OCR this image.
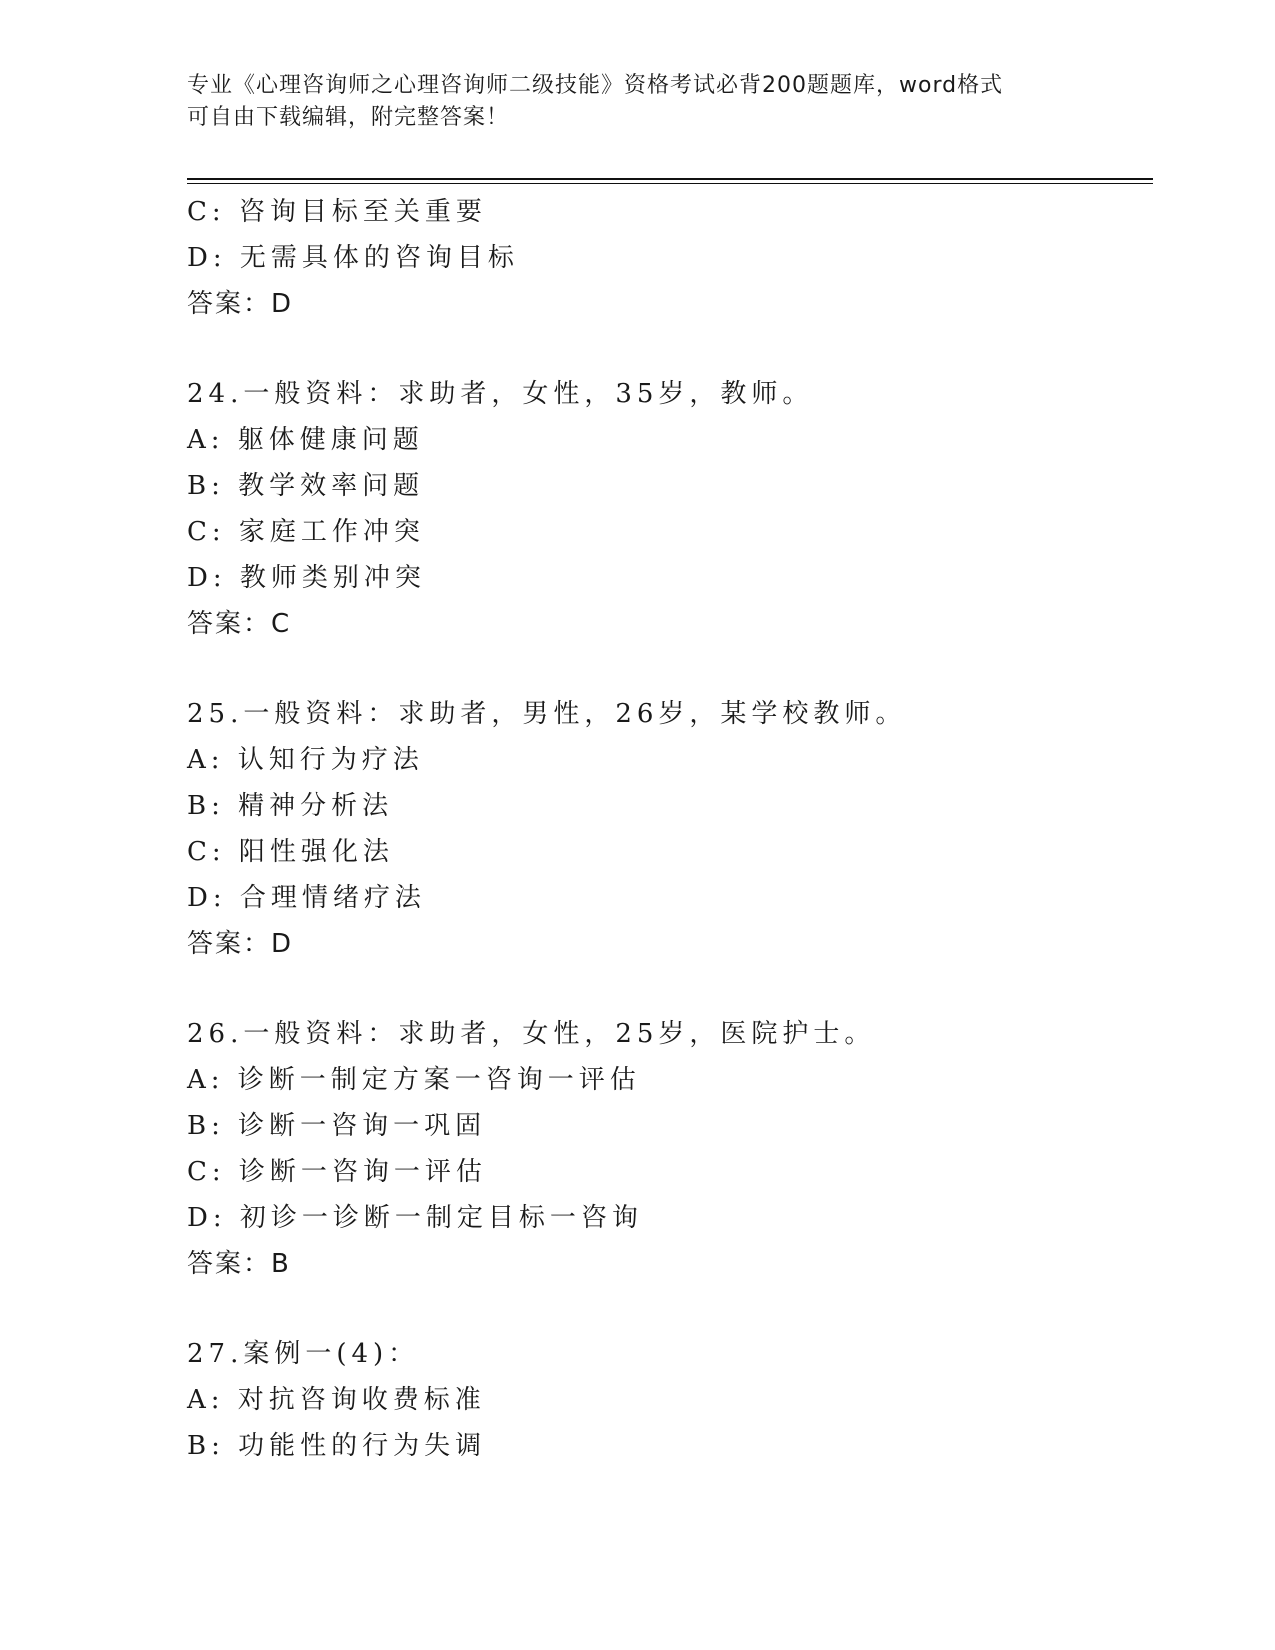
专业《心理咨询师之心理咨询师二级技能》资格考试必背200题题库，word格式
可自由下载编辑，附完整答案！
C: 咨询目标至关重要
D: 无需具体的咨询目标
答案：D
24.一般资料：求助者，女性，35岁，教师。
A: 躯体健康问题
B: 教学效率问题
C: 家庭工作冲突
D: 教师类别冲突
答案：C
25.一般资料：求助者，男性，26岁，某学校教师。
A: 认知行为疗法
B: 精神分析法
C: 阳性强化法
D: 合理情绪疗法
答案：D
26.一般资料：求助者，女性，25岁，医院护士。
A: 诊断一制定方案一咨询一评估
B: 诊断一咨询一巩固
C: 诊断一咨询一评估
D: 初诊一诊断一制定目标一咨询
答案：B
27.案例一(4)：
A: 对抗咨询收费标准
B: 功能性的行为失调
